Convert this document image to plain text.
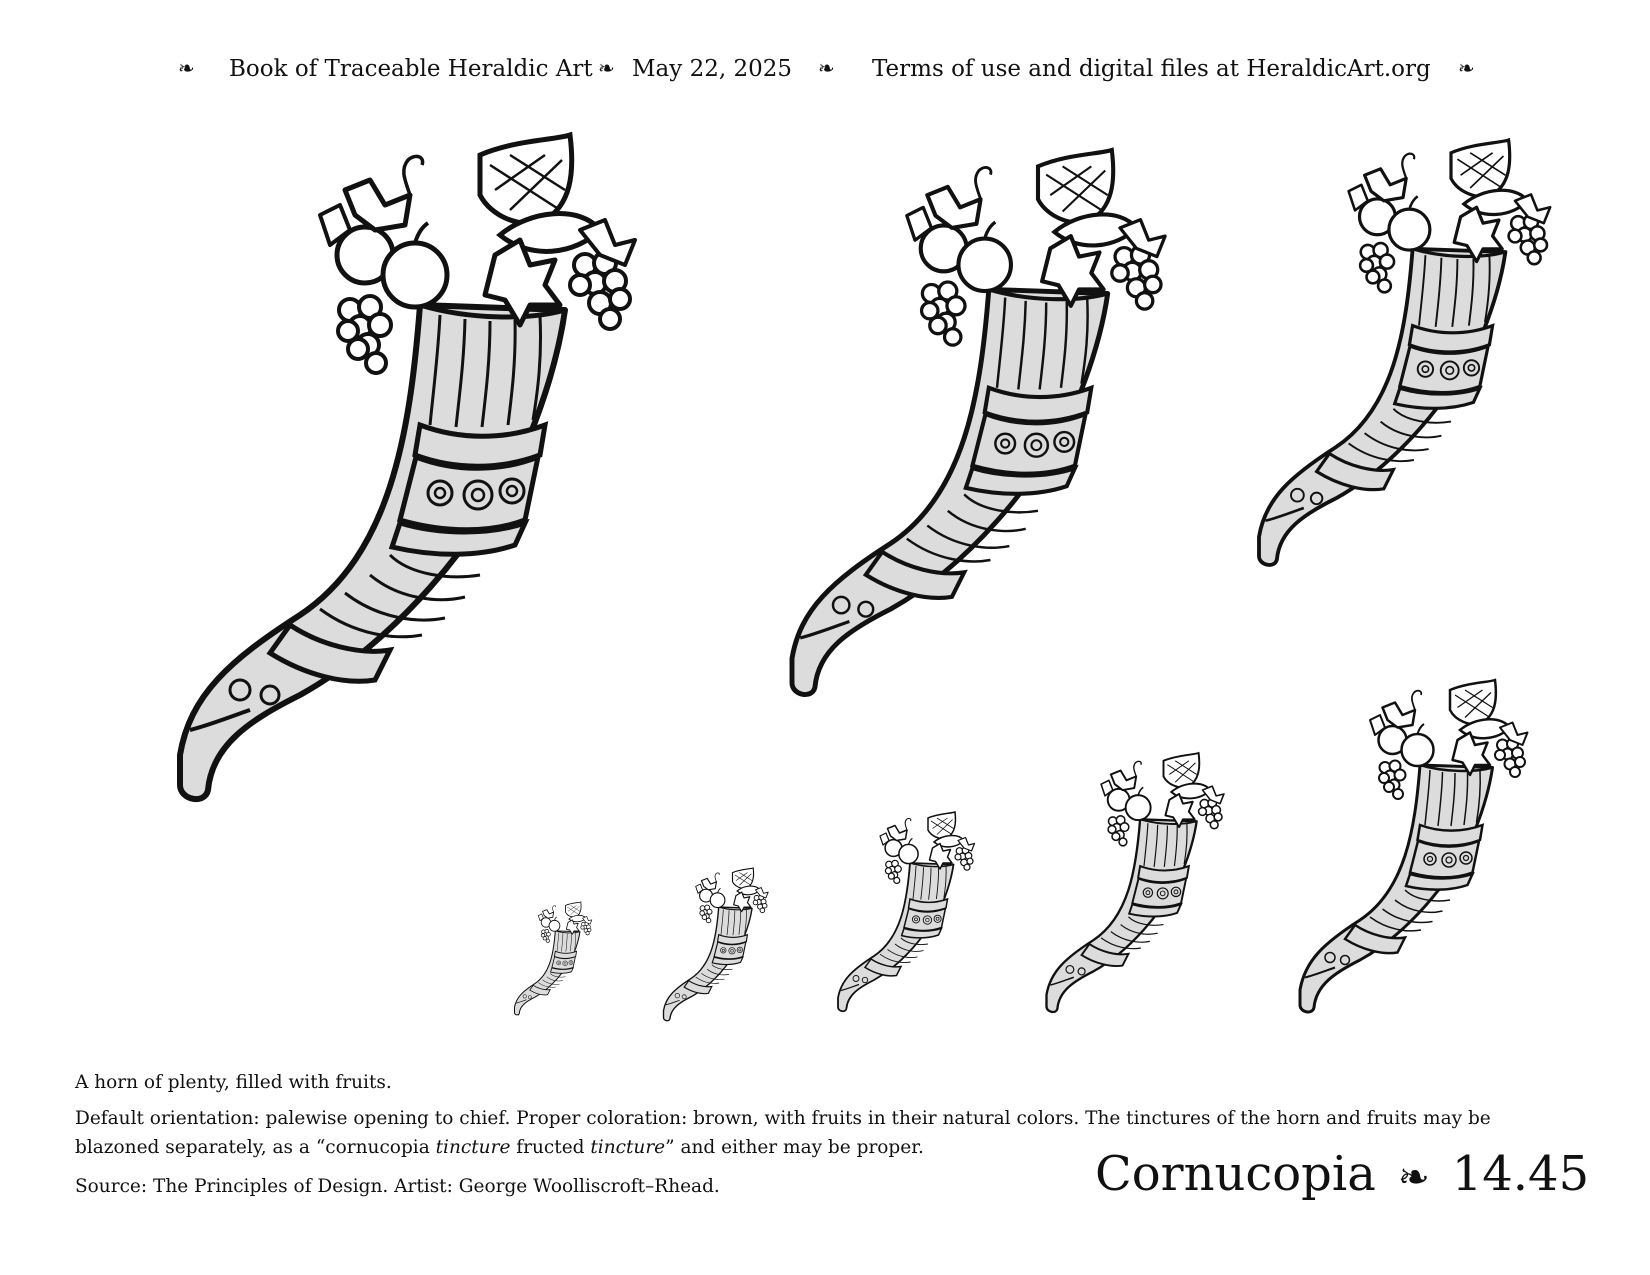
❧ Book of Traceable Heraldic Art ❧ May 22, 2025 ❧ Terms of use and digital files at HeraldicArt.org ❧
A horn of plenty, filled with fruits.
Default orientation: palewise opening to chief. Proper coloration: brown, with fruits in their natural colors. The tinctures of the horn and fruits may be blazoned separately, as a “cornucopia tincture fructed tincture” and either may be proper.
Source: The Principles of Design. Artist: George Woolliscroft–Rhead.	Cornucopia ❧ 14.45
